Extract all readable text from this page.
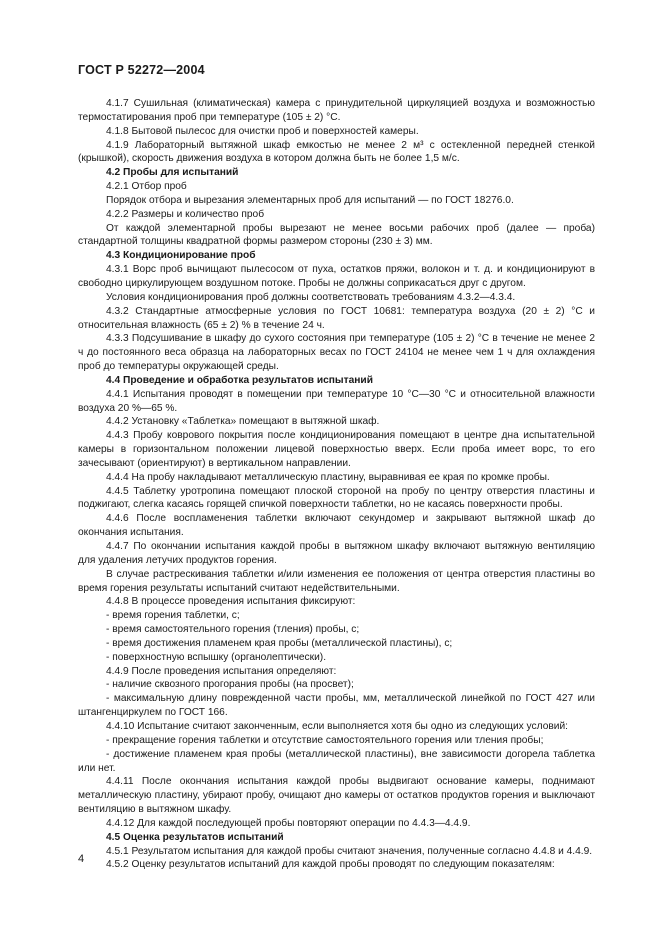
ГОСТ Р 52272—2004

4.1.7 Сушильная (климатическая) камера с принудительной циркуляцией воздуха и возможностью термостатирования проб при температуре (105 ± 2) °С.

4.1.8 Бытовой пылесос для очистки проб и поверхностей камеры.

4.1.9 Лабораторный вытяжной шкаф емкостью не менее 2 м³ с остекленной передней стенкой (крышкой), скорость движения воздуха в котором должна быть не более 1,5 м/с.

4.2 Пробы для испытаний

4.2.1 Отбор проб

Порядок отбора и вырезания элементарных проб для испытаний — по ГОСТ 18276.0.

4.2.2 Размеры и количество проб

От каждой элементарной пробы вырезают не менее восьми рабочих проб (далее — проба) стандартной толщины квадратной формы размером стороны (230 ± 3) мм.

4.3 Кондиционирование проб

4.3.1 Ворс проб вычищают пылесосом от пуха, остатков пряжи, волокон и т. д. и кондиционируют в свободно циркулирующем воздушном потоке. Пробы не должны соприкасаться друг с другом.

Условия кондиционирования проб должны соответствовать требованиям 4.3.2—4.3.4.

4.3.2 Стандартные атмосферные условия по ГОСТ 10681: температура воздуха (20 ± 2) °С и относительная влажность (65 ± 2) % в течение 24 ч.

4.3.3 Подсушивание в шкафу до сухого состояния при температуре (105 ± 2) °С в течение не менее 2 ч до постоянного веса образца на лабораторных весах по ГОСТ 24104 не менее чем 1 ч для охлаждения проб до температуры окружающей среды.

4.4 Проведение и обработка результатов испытаний

4.4.1 Испытания проводят в помещении при температуре 10 °С—30 °С и относительной влажности воздуха 20 %—65 %.

4.4.2 Установку «Таблетка» помещают в вытяжной шкаф.

4.4.3 Пробу коврового покрытия после кондиционирования помещают в центре дна испытательной камеры в горизонтальном положении лицевой поверхностью вверх. Если проба имеет ворс, то его зачесывают (ориентируют) в вертикальном направлении.

4.4.4 На пробу накладывают металлическую пластину, выравнивая ее края по кромке пробы.

4.4.5 Таблетку уротропина помещают плоской стороной на пробу по центру отверстия пластины и поджигают, слегка касаясь горящей спичкой поверхности таблетки, но не касаясь поверхности пробы.

4.4.6 После воспламенения таблетки включают секундомер и закрывают вытяжной шкаф до окончания испытания.

4.4.7 По окончании испытания каждой пробы в вытяжном шкафу включают вытяжную вентиляцию для удаления летучих продуктов горения.

В случае растрескивания таблетки и/или изменения ее положения от центра отверстия пластины во время горения результаты испытаний считают недействительными.

4.4.8 В процессе проведения испытания фиксируют:

- время горения таблетки, с;

- время самостоятельного горения (тления) пробы, с;

- время достижения пламенем края пробы (металлической пластины), с;

- поверхностную вспышку (органолептически).

4.4.9 После проведения испытания определяют:

- наличие сквозного прогорания пробы (на просвет);

- максимальную длину поврежденной части пробы, мм, металлической линейкой по ГОСТ 427 или штангенциркулем по ГОСТ 166.

4.4.10 Испытание считают законченным, если выполняется хотя бы одно из следующих условий:

- прекращение горения таблетки и отсутствие самостоятельного горения или тления пробы;

- достижение пламенем края пробы (металлической пластины), вне зависимости догорела таблетка или нет.

4.4.11 После окончания испытания каждой пробы выдвигают основание камеры, поднимают металлическую пластину, убирают пробу, очищают дно камеры от остатков продуктов горения и выключают вентиляцию в вытяжном шкафу.

4.4.12 Для каждой последующей пробы повторяют операции по 4.4.3—4.4.9.

4.5 Оценка результатов испытаний

4.5.1 Результатом испытания для каждой пробы считают значения, полученные согласно 4.4.8 и 4.4.9.

4.5.2 Оценку результатов испытаний для каждой пробы проводят по следующим показателям:

4
